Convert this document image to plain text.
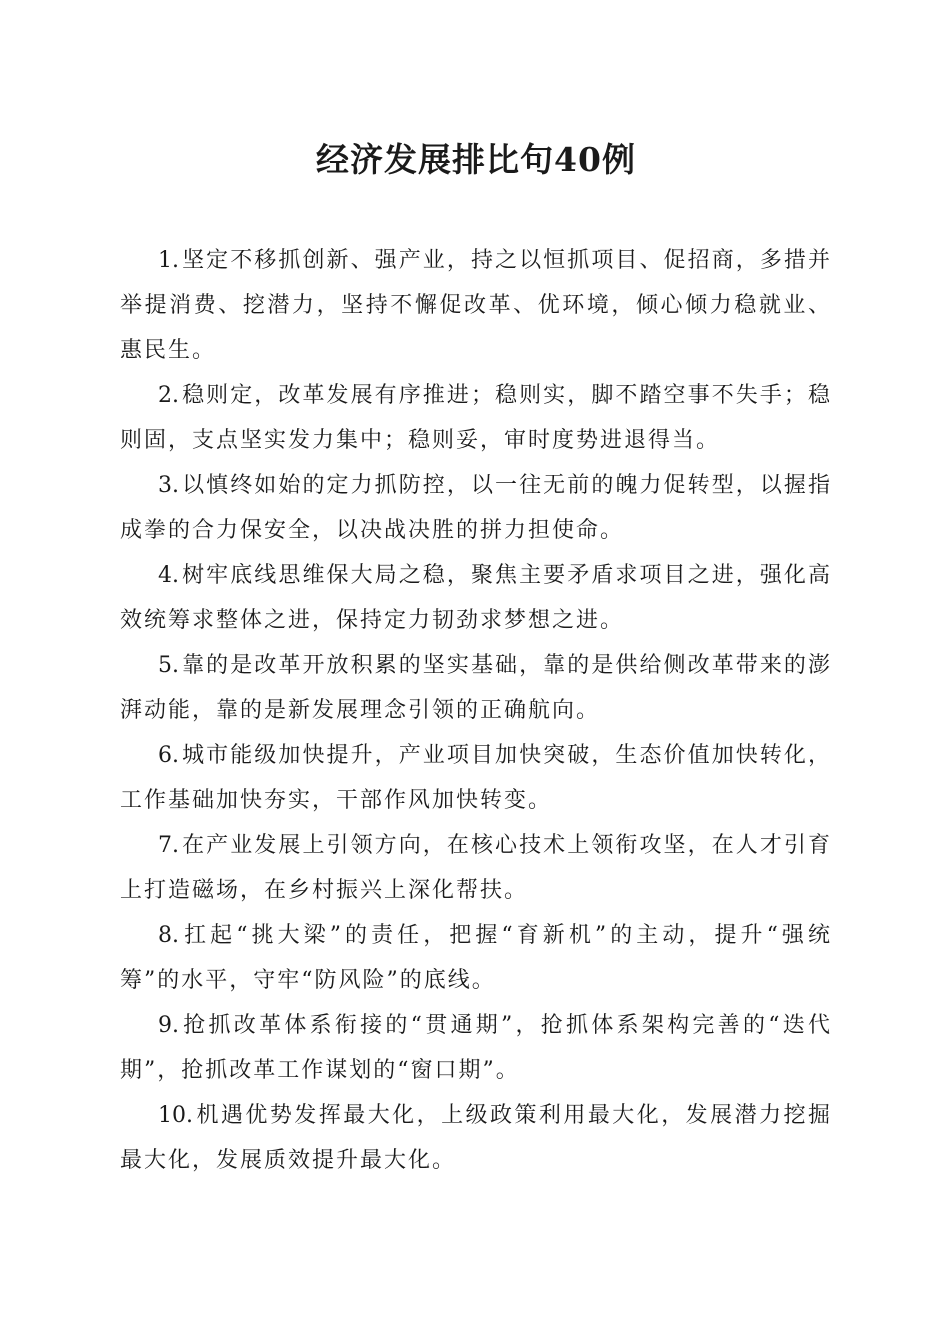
经济发展排比句40例

1. 坚定不移抓创新、强产业，持之以恒抓项目、促招商，多措并举提消费、挖潜力，坚持不懈促改革、优环境，倾心倾力稳就业、惠民生。

2. 稳则定，改革发展有序推进；稳则实，脚不踏空事不失手；稳则固，支点坚实发力集中；稳则妥，审时度势进退得当。

3. 以慎终如始的定力抓防控，以一往无前的魄力促转型，以握指成拳的合力保安全，以决战决胜的拼力担使命。

4. 树牢底线思维保大局之稳，聚焦主要矛盾求项目之进，强化高效统筹求整体之进，保持定力韧劲求梦想之进。

5. 靠的是改革开放积累的坚实基础，靠的是供给侧改革带来的澎湃动能，靠的是新发展理念引领的正确航向。

6. 城市能级加快提升，产业项目加快突破，生态价值加快转化，工作基础加快夯实，干部作风加快转变。

7. 在产业发展上引领方向，在核心技术上领衔攻坚，在人才引育上打造磁场，在乡村振兴上深化帮扶。

8. 扛起“挑大梁”的责任，把握“育新机”的主动，提升“强统筹”的水平，守牢“防风险”的底线。

9. 抢抓改革体系衔接的“贯通期”，抢抓体系架构完善的“迭代期”，抢抓改革工作谋划的“窗口期”。

10. 机遇优势发挥最大化，上级政策利用最大化，发展潜力挖掘最大化，发展质效提升最大化。
